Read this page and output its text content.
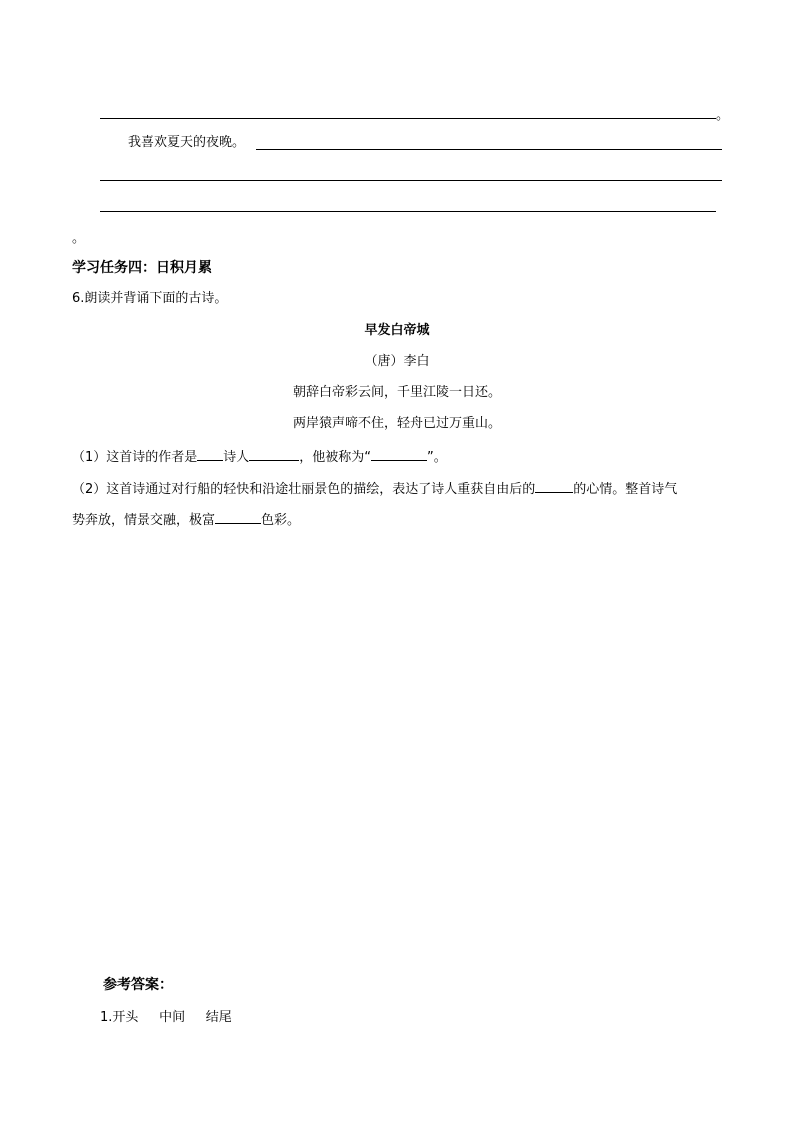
。
我喜欢夏天的夜晚。
。
学习任务四：日积月累
6.朗读并背诵下面的古诗。
早发白帝城
（唐）李白
朝辞白帝彩云间，千里江陵一日还。
两岸猿声啼不住，轻舟已过万重山。
（1）这首诗的作者是 诗人	，他被称为“	”。
（2）这首诗通过对行船的轻快和沿途壮丽景色的描绘，表达了诗人重获自由后的	的心情。整首诗气
势奔放，情景交融，极富	色彩。
参考答案：
1.开头     中间     结尾
